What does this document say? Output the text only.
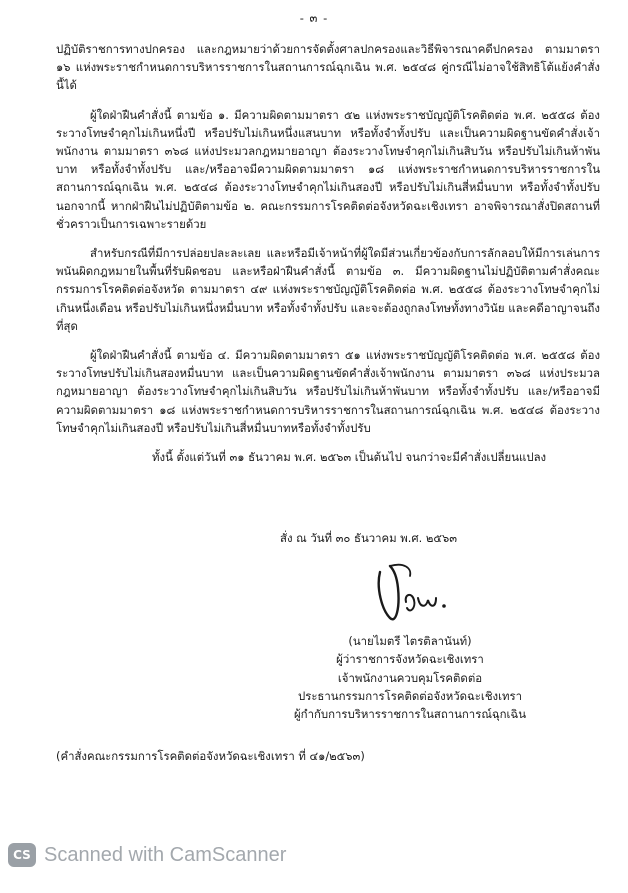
- ๓ -

ปฏิบัติราชการทางปกครอง และกฎหมายว่าด้วยการจัดตั้งศาลปกครองและวิธีพิจารณาคดีปกครอง ตามมาตรา ๑๖ แห่งพระราชกำหนดการบริหารราชการในสถานการณ์ฉุกเฉิน พ.ศ. ๒๕๔๘ คู่กรณีไม่อาจใช้สิทธิโต้แย้งคำสั่งนี้ได้

ผู้ใดฝ่าฝืนคำสั่งนี้ ตามข้อ ๑. มีความผิดตามมาตรา ๕๒ แห่งพระราชบัญญัติโรคติดต่อ พ.ศ. ๒๕๕๘ ต้องระวางโทษจำคุกไม่เกินหนึ่งปี หรือปรับไม่เกินหนึ่งแสนบาท หรือทั้งจำทั้งปรับ และเป็นความผิดฐานขัดคำสั่งเจ้าพนักงาน ตามมาตรา ๓๖๘ แห่งประมวลกฎหมายอาญา ต้องระวางโทษจำคุกไม่เกินสิบวัน หรือปรับไม่เกินห้าพันบาท หรือทั้งจำทั้งปรับ และ/หรืออาจมีความผิดตามมาตรา ๑๘ แห่งพระราชกำหนดการบริหารราชการในสถานการณ์ฉุกเฉิน พ.ศ. ๒๕๔๘ ต้องระวางโทษจำคุกไม่เกินสองปี หรือปรับไม่เกินสี่หมื่นบาท หรือทั้งจำทั้งปรับ นอกจากนี้ หากฝ่าฝืนไม่ปฏิบัติตามข้อ ๒. คณะกรรมการโรคติดต่อจังหวัดฉะเชิงเทรา อาจพิจารณาสั่งปิดสถานที่ชั่วคราวเป็นการเฉพาะรายด้วย

สำหรับกรณีที่มีการปล่อยปละละเลย และหรือมีเจ้าหน้าที่ผู้ใดมีส่วนเกี่ยวข้องกับการลักลอบให้มีการเล่นการพนันผิดกฎหมายในพื้นที่รับผิดชอบ และหรือฝ่าฝืนคำสั่งนี้ ตามข้อ ๓. มีความผิดฐานไม่ปฏิบัติตามคำสั่งคณะกรรมการโรคติดต่อจังหวัด ตามมาตรา ๔๙ แห่งพระราชบัญญัติโรคติดต่อ พ.ศ. ๒๕๕๘ ต้องระวางโทษจำคุกไม่เกินหนึ่งเดือน หรือปรับไม่เกินหนึ่งหมื่นบาท หรือทั้งจำทั้งปรับ และจะต้องถูกลงโทษทั้งทางวินัย และคดีอาญาจนถึงที่สุด

ผู้ใดฝ่าฝืนคำสั่งนี้ ตามข้อ ๔. มีความผิดตามมาตรา ๕๑ แห่งพระราชบัญญัติโรคติดต่อ พ.ศ. ๒๕๕๘ ต้องระวางโทษปรับไม่เกินสองหมื่นบาท และเป็นความผิดฐานขัดคำสั่งเจ้าพนักงาน ตามมาตรา ๓๖๘ แห่งประมวลกฎหมายอาญา ต้องระวางโทษจำคุกไม่เกินสิบวัน หรือปรับไม่เกินห้าพันบาท หรือทั้งจำทั้งปรับ และ/หรืออาจมีความผิดตามมาตรา ๑๘ แห่งพระราชกำหนดการบริหารราชการในสถานการณ์ฉุกเฉิน พ.ศ. ๒๕๔๘ ต้องระวางโทษจำคุกไม่เกินสองปี หรือปรับไม่เกินสี่หมื่นบาทหรือทั้งจำทั้งปรับ

ทั้งนี้ ตั้งแต่วันที่ ๓๑ ธันวาคม พ.ศ. ๒๕๖๓ เป็นต้นไป จนกว่าจะมีคำสั่งเปลี่ยนแปลง

สั่ง ณ วันที่ ๓๐ ธันวาคม พ.ศ. ๒๕๖๓
(นายไมตรี ไตรติลานันท์)
ผู้ว่าราชการจังหวัดฉะเชิงเทรา
เจ้าพนักงานควบคุมโรคติดต่อ
ประธานกรรมการโรคติดต่อจังหวัดฉะเชิงเทรา
ผู้กำกับการบริหารราชการในสถานการณ์ฉุกเฉิน
(คำสั่งคณะกรรมการโรคติดต่อจังหวัดฉะเชิงเทรา ที่ ๔๑/๒๕๖๓)
CS Scanned with CamScanner
